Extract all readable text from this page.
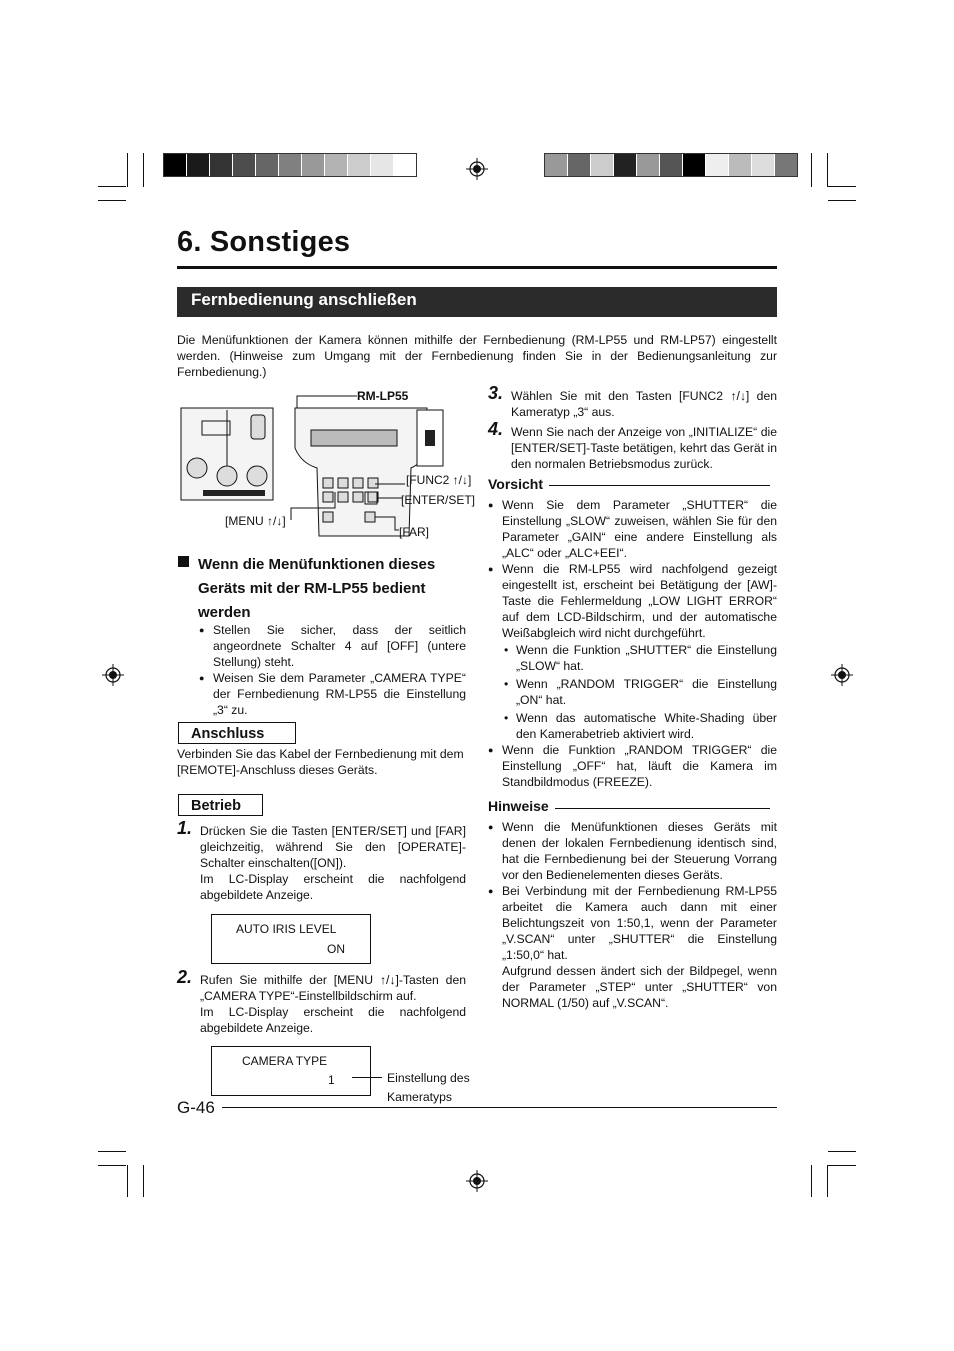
6. Sonstiges
Fernbedienung anschließen
Die Menüfunktionen der Kamera können mithilfe der Fernbedienung (RM-LP55 und RM-LP57) eingestellt werden. (Hinweise zum Umgang mit der Fernbedienung finden Sie in der Bedienungsanleitung zur Fernbedienung.)
RM-LP55
[FUNC2 ↑/↓]
[ENTER/SET]
[MENU ↑/↓]
[FAR]
Wenn die Menüfunktionen dieses Geräts mit der RM-LP55 bedient werden
● Stellen Sie sicher, dass der seitlich angeordnete Schalter 4 auf [OFF] (untere Stellung) steht.
● Weisen Sie dem Parameter „CAMERA TYPE“ der Fernbedienung RM-LP55 die Einstellung „3“ zu.
Anschluss
Verbinden Sie das Kabel der Fernbedienung mit dem [REMOTE]-Anschluss dieses Geräts.
Betrieb
1. Drücken Sie die Tasten [ENTER/SET] und [FAR] gleichzeitig, während Sie den [OPERATE]-Schalter einschalten([ON]).
Im LC-Display erscheint die nachfolgend abgebildete Anzeige.
AUTO IRIS LEVEL
ON
2. Rufen Sie mithilfe der [MENU ↑/↓]-Tasten den „CAMERA TYPE“-Einstellbildschirm auf.
Im LC-Display erscheint die nachfolgend abgebildete Anzeige.
CAMERA TYPE
1	Einstellung des
Kameratyps
3. Wählen Sie mit den Tasten [FUNC2 ↑/↓] den Kameratyp „3“ aus.
4. Wenn Sie nach der Anzeige von „INITIALIZE“ die [ENTER/SET]-Taste betätigen, kehrt das Gerät in den normalen Betriebsmodus zurück.
Vorsicht
● Wenn Sie dem Parameter „SHUTTER“ die Einstellung „SLOW“ zuweisen, wählen Sie für den Parameter „GAIN“ eine andere Einstellung als „ALC“ oder „ALC+EEI“.
● Wenn die RM-LP55 wird nachfolgend gezeigt eingestellt ist, erscheint bei Betätigung der [AW]-Taste die Fehlermeldung „LOW LIGHT ERROR“ auf dem LCD-Bildschirm, und der automatische Weißabgleich wird nicht durchgeführt.
• Wenn die Funktion „SHUTTER“ die Einstellung „SLOW“ hat.
• Wenn „RANDOM TRIGGER“ die Einstellung „ON“ hat.
• Wenn das automatische White-Shading über den Kamerabetrieb aktiviert wird.
● Wenn die Funktion „RANDOM TRIGGER“ die Einstellung „OFF“ hat, läuft die Kamera im Standbildmodus (FREEZE).
Hinweise
● Wenn die Menüfunktionen dieses Geräts mit denen der lokalen Fernbedienung identisch sind, hat die Fernbedienung bei der Steuerung Vorrang vor den Bedienelementen dieses Geräts.
● Bei Verbindung mit der Fernbedienung RM-LP55 arbeitet die Kamera auch dann mit einer Belichtungszeit von 1:50,1, wenn der Parameter „V.SCAN“ unter „SHUTTER“ die Einstellung „1:50,0“ hat.
Aufgrund dessen ändert sich der Bildpegel, wenn der Parameter „STEP“ unter „SHUTTER“ von NORMAL (1/50) auf „V.SCAN“.
G-46
